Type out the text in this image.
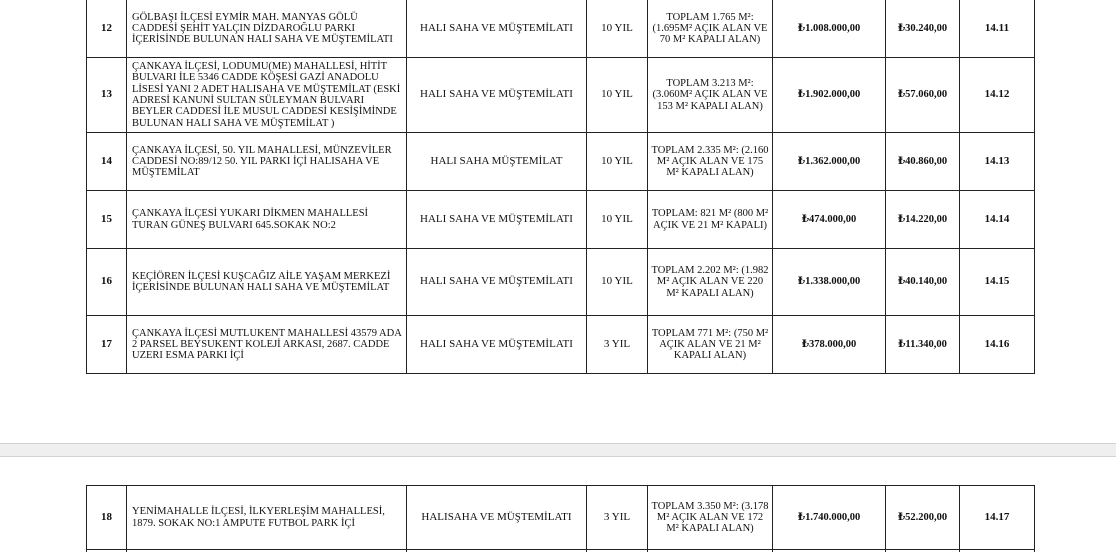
12	GÖLBAŞI İLÇESİ EYMİR MAH. MANYAS GÖLÜ CADDESİ ŞEHİT YALÇIN DİZDAROĞLU PARKI İÇERİSİNDE BULUNAN HALI SAHA VE MÜŞTEMİLATI	HALI SAHA VE MÜŞTEMİLATI	10 YIL	TOPLAM 1.765 M²: (1.695M² AÇIK ALAN VE 70 M² KAPALI ALAN)	₺1.008.000,00	₺30.240,00	14.11
13	ÇANKAYA İLÇESİ, LODUMU(ME) MAHALLESİ, HİTİT BULVARI İLE 5346 CADDE KÖŞESİ GAZİ ANADOLU LİSESİ YANI 2 ADET HALISAHA VE MÜŞTEMİLAT (ESKİ ADRESİ KANUNİ SULTAN SÜLEYMAN BULVARI BEYLER CADDESİ İLE MUSUL CADDESİ KESİŞİMİNDE BULUNAN HALI SAHA VE MÜŞTEMİLAT )	HALI SAHA VE MÜŞTEMİLATI	10 YIL	TOPLAM 3.213 M²: (3.060M² AÇIK ALAN VE 153 M² KAPALI ALAN)	₺1.902.000,00	₺57.060,00	14.12
14	ÇANKAYA İLÇESİ, 50. YIL MAHALLESİ, MÜNZEVİLER CADDESİ NO:89/12 50. YIL PARKI İÇİ HALISAHA VE MÜŞTEMİLAT	HALI SAHA MÜŞTEMİLAT	10 YIL	TOPLAM 2.335 M²: (2.160 M² AÇIK ALAN VE 175 M² KAPALI ALAN)	₺1.362.000,00	₺40.860,00	14.13
15	ÇANKAYA İLÇESİ YUKARI DİKMEN MAHALLESİ TURAN GÜNEŞ BULVARI 645.SOKAK NO:2	HALI SAHA VE MÜŞTEMİLATI	10 YIL	TOPLAM: 821 M² (800 M² AÇIK VE 21 M² KAPALI)	₺474.000,00	₺14.220,00	14.14
16	KEÇİÖREN İLÇESİ KUŞCAĞIZ AİLE YAŞAM MERKEZİ İÇERİSİNDE BULUNAN HALI SAHA VE MÜŞTEMİLAT	HALI SAHA VE MÜŞTEMİLATI	10 YIL	TOPLAM 2.202 M²: (1.982 M² AÇIK ALAN VE 220 M² KAPALI ALAN)	₺1.338.000,00	₺40.140,00	14.15
17	ÇANKAYA İLÇESİ MUTLUKENT MAHALLESİ 43579 ADA 2 PARSEL BEYSUKENT KOLEJİ ARKASI, 2687. CADDE UZERI ESMA PARKI İÇİ	HALI SAHA VE MÜŞTEMİLATI	3 YIL	TOPLAM 771 M²: (750 M² AÇIK ALAN VE 21 M² KAPALI ALAN)	₺378.000,00	₺11.340,00	14.16
18	YENİMAHALLE İLÇESİ, İLKYERLEŞİM MAHALLESİ, 1879. SOKAK NO:1 AMPUTE FUTBOL PARK İÇİ	HALISAHA VE MÜŞTEMİLATI	3 YIL	TOPLAM 3.350 M²: (3.178 M² AÇIK ALAN VE 172 M² KAPALI ALAN)	₺1.740.000,00	₺52.200,00	14.17
